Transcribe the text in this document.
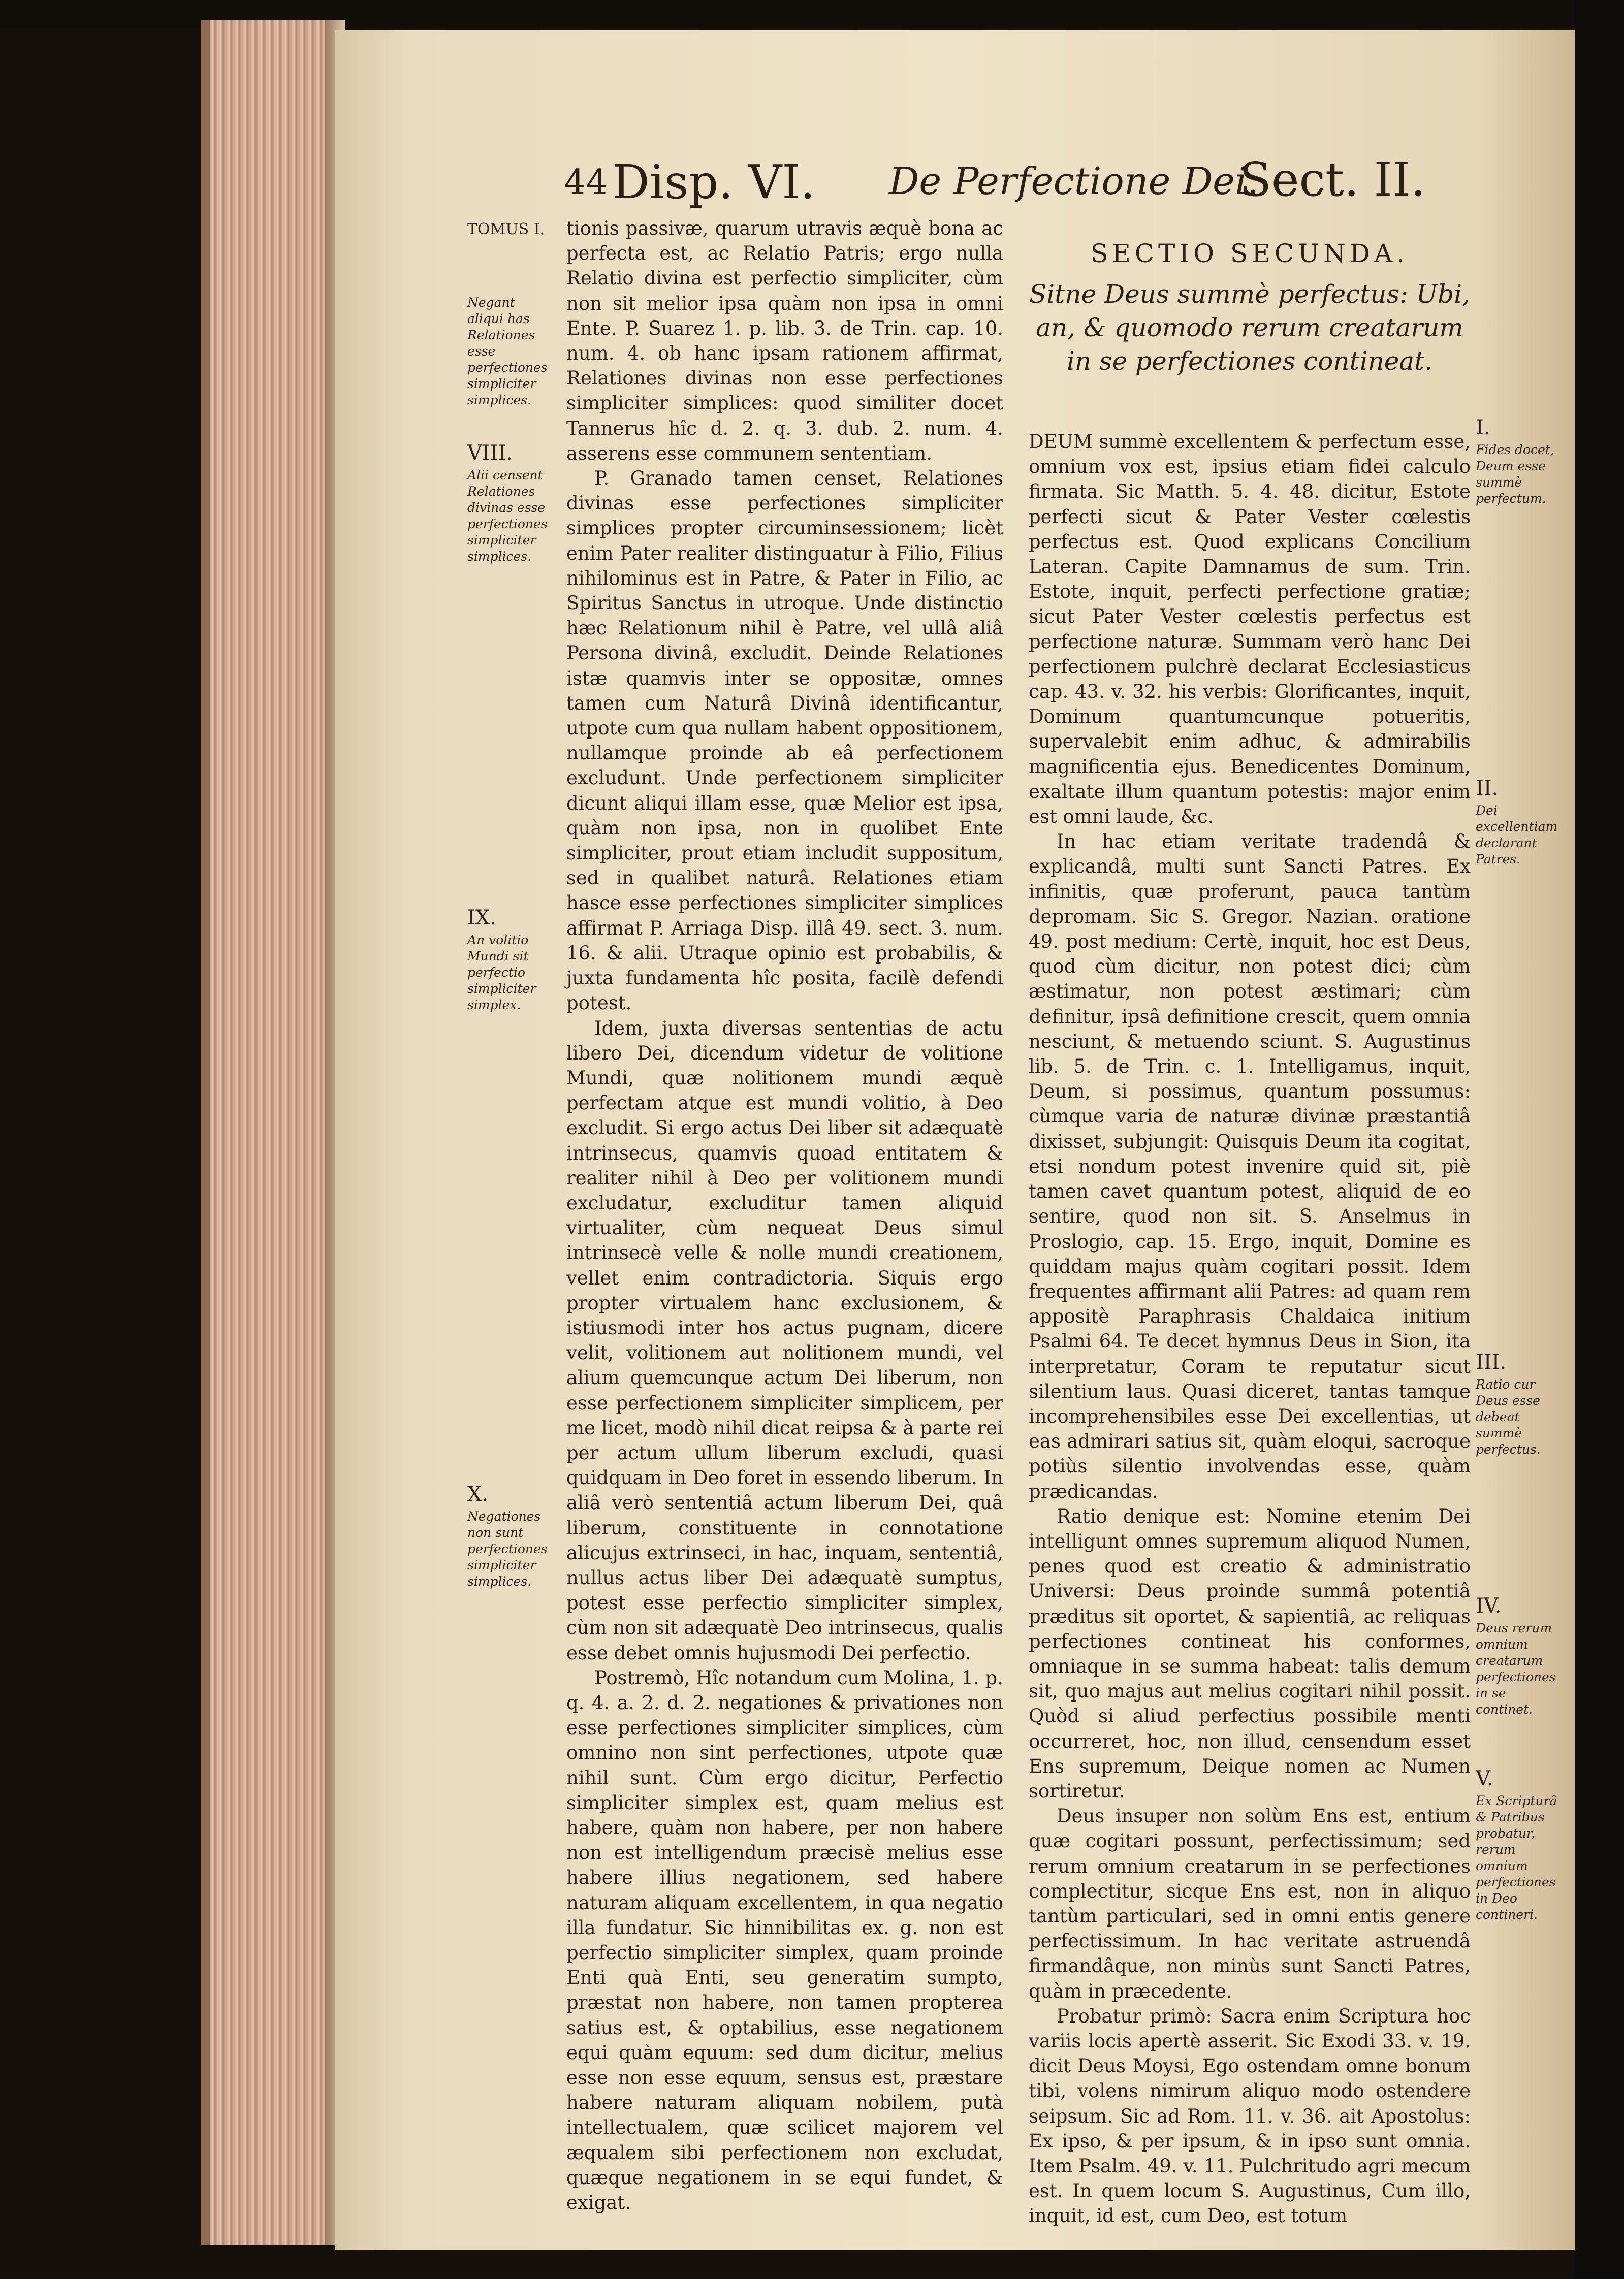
44 Disp. VI. De Perfectione Dei.
Sect. II.
TOMUS I.
Negant aliqui has Relationes esse perfectiones simpliciter simplices.
VIII.
Alii censent Relationes divinas esse perfectiones simpliciter simplices.
IX.
An volitio Mundi sit perfectio simpliciter simplex.
X.
Negationes non sunt perfectiones simpliciter simplices.

tionis passivæ, quarum utravis æquè bona ac perfecta est, ac Relatio Patris; ergo nulla Relatio divina est perfectio simpliciter, cùm non sit melior ipsa quàm non ipsa in omni Ente. P. Suarez 1. p. lib. 3. de Trin. cap. 10. num. 4. ob hanc ipsam rationem affirmat, Relationes divinas non esse perfectiones simpliciter simplices: quod similiter docet Tannerus hîc d. 2. q. 3. dub. 2. num. 4. asserens esse communem sententiam.

P. Granado tamen censet, Relationes divinas esse perfectiones simpliciter simplices propter circuminsessionem; licèt enim Pater realiter distinguatur à Filio, Filius nihilominus est in Patre, & Pater in Filio, ac Spiritus Sanctus in utroque. Unde distinctio hæc Relationum nihil è Patre, vel ullâ aliâ Persona divinâ, excludit. Deinde Relationes istæ quamvis inter se oppositæ, omnes tamen cum Naturâ Divinâ identificantur, utpote cum qua nullam habent oppositionem, nullamque proinde ab eâ perfectionem excludunt. Unde perfectionem simpliciter dicunt aliqui illam esse, quæ Melior est ipsa, quàm non ipsa, non in quolibet Ente simpliciter, prout etiam includit suppositum, sed in qualibet naturâ. Relationes etiam hasce esse perfectiones simpliciter simplices affirmat P. Arriaga Disp. illâ 49. sect. 3. num. 16. & alii. Utraque opinio est probabilis, & juxta fundamenta hîc posita, facilè defendi potest.

Idem, juxta diversas sententias de actu libero Dei, dicendum videtur de volitione Mundi, quæ nolitionem mundi æquè perfectam atque est mundi volitio, à Deo excludit. Si ergo actus Dei liber sit adæquatè intrinsecus, quamvis quoad entitatem & realiter nihil à Deo per volitionem mundi excludatur, excluditur tamen aliquid virtualiter, cùm nequeat Deus simul intrinsecè velle & nolle mundi creationem, vellet enim contradictoria. Siquis ergo propter virtualem hanc exclusionem, & istiusmodi inter hos actus pugnam, dicere velit, volitionem aut nolitionem mundi, vel alium quemcunque actum Dei liberum, non esse perfectionem simpliciter simplicem, per me licet, modò nihil dicat reipsa & à parte rei per actum ullum liberum excludi, quasi quidquam in Deo foret in essendo liberum. In aliâ verò sententiâ actum liberum Dei, quâ liberum, constituente in connotatione alicujus extrinseci, in hac, inquam, sententiâ, nullus actus liber Dei adæquatè sumptus, potest esse perfectio simpliciter simplex, cùm non sit adæquatè Deo intrinsecus, qualis esse debet omnis hujusmodi Dei perfectio.

Postremò, Hîc notandum cum Molina, 1. p. q. 4. a. 2. d. 2. negationes & privationes non esse perfectiones simpliciter simplices, cùm omnino non sint perfectiones, utpote quæ nihil sunt. Cùm ergo dicitur, Perfectio simpliciter simplex est, quam melius est habere, quàm non habere, per non habere non est intelligendum præcisè melius esse habere illius negationem, sed habere naturam aliquam excellentem, in qua negatio illa fundatur. Sic hinnibilitas ex. g. non est perfectio simpliciter simplex, quam proinde Enti quà Enti, seu generatim sumpto, præstat non habere, non tamen propterea satius est, & optabilius, esse negationem equi quàm equum: sed dum dicitur, melius esse non esse equum, sensus est, præstare habere naturam aliquam nobilem, putà intellectualem, quæ scilicet majorem vel æqualem sibi perfectionem non excludat, quæque negationem in se equi fundet, & exigat.

SECTIO SECUNDA.
Sitne Deus summè perfectus: Ubi, an, & quomodo rerum creatarum in se perfectiones contineat.

DEUM summè excellentem & perfectum esse, omnium vox est, ipsius etiam fidei calculo firmata. Sic Matth. 5. 4. 48. dicitur, Estote perfecti sicut & Pater Vester cœlestis perfectus est. Quod explicans Concilium Lateran. Capite Damnamus de sum. Trin. Estote, inquit, perfecti perfectione gratiæ; sicut Pater Vester cœlestis perfectus est perfectione naturæ. Summam verò hanc Dei perfectionem pulchrè declarat Ecclesiasticus cap. 43. v. 32. his verbis: Glorificantes, inquit, Dominum quantumcunque potueritis, supervalebit enim adhuc, & admirabilis magnificentia ejus. Benedicentes Dominum, exaltate illum quantum potestis: major enim est omni laude, &c.

In hac etiam veritate tradendâ & explicandâ, multi sunt Sancti Patres. Ex infinitis, quæ proferunt, pauca tantùm depromam. Sic S. Gregor. Nazian. oratione 49. post medium: Certè, inquit, hoc est Deus, quod cùm dicitur, non potest dici; cùm æstimatur, non potest æstimari; cùm definitur, ipsâ definitione crescit, quem omnia nesciunt, & metuendo sciunt. S. Augustinus lib. 5. de Trin. c. 1. Intelligamus, inquit, Deum, si possimus, quantum possumus: cùmque varia de naturæ divinæ præstantiâ dixisset, subjungit: Quisquis Deum ita cogitat, etsi nondum potest invenire quid sit, piè tamen cavet quantum potest, aliquid de eo sentire, quod non sit. S. Anselmus in Proslogio, cap. 15. Ergo, inquit, Domine es quiddam majus quàm cogitari possit. Idem frequentes affirmant alii Patres: ad quam rem appositè Paraphrasis Chaldaica initium Psalmi 64. Te decet hymnus Deus in Sion, ita interpretatur, Coram te reputatur sicut silentium laus. Quasi diceret, tantas tamque incomprehensibiles esse Dei excellentias, ut eas admirari satius sit, quàm eloqui, sacroque potiùs silentio involvendas esse, quàm prædicandas.

Ratio denique est: Nomine etenim Dei intelligunt omnes supremum aliquod Numen, penes quod est creatio & administratio Universi: Deus proinde summâ potentiâ præditus sit oportet, & sapientiâ, ac reliquas perfectiones contineat his conformes, omniaque in se summa habeat: talis demum sit, quo majus aut melius cogitari nihil possit. Quòd si aliud perfectius possibile menti occurreret, hoc, non illud, censendum esset Ens supremum, Deique nomen ac Numen sortiretur.

Deus insuper non solùm Ens est, entium quæ cogitari possunt, perfectissimum; sed rerum omnium creatarum in se perfectiones complectitur, sicque Ens est, non in aliquo tantùm particulari, sed in omni entis genere perfectissimum. In hac veritate astruendâ firmandâque, non minùs sunt Sancti Patres, quàm in præcedente.

Probatur primò: Sacra enim Scriptura hoc variis locis apertè asserit. Sic Exodi 33. v. 19. dicit Deus Moysi, Ego ostendam omne bonum tibi, volens nimirum aliquo modo ostendere seipsum. Sic ad Rom. 11. v. 36. ait Apostolus: Ex ipso, & per ipsum, & in ipso sunt omnia. Item Psalm. 49. v. 11. Pulchritudo agri mecum est. In quem locum S. Augustinus, Cum illo, inquit, id est, cum Deo, est totum

I.
Fides docet, Deum esse summè perfectum.
II.
Dei excellentiam declarant Patres.
III.
Ratio cur Deus esse debeat summè perfectus.
IV.
Deus rerum omnium creatarum perfectiones in se continet.
V.
Ex Scripturâ & Patribus probatur, rerum omnium perfectiones in Deo contineri.
